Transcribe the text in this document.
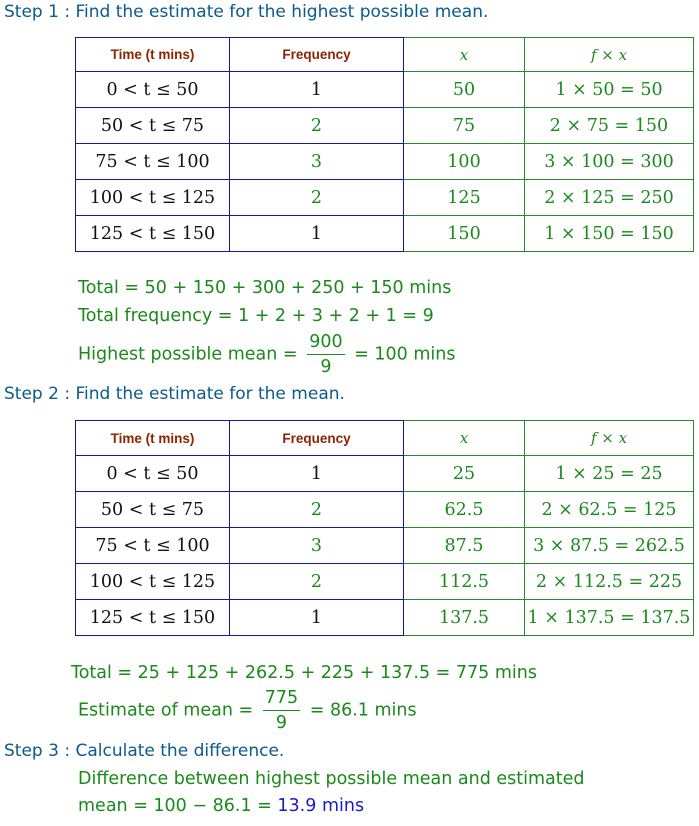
Step 1 : Find the estimate for the highest possible mean.
Time (t mins)	Frequency	x	f × x
0 < t ≤ 50	1	50	1 × 50 = 50
50 < t ≤ 75	2	75	2 × 75 = 150
75 < t ≤ 100	3	100	3 × 100 = 300
100 < t ≤ 125	2	125	2 × 125 = 250
125 < t ≤ 150	1	150	1 × 150 = 150
Total = 50 + 150 + 300 + 250 + 150 mins
Total frequency = 1 + 2 + 3 + 2 + 1 = 9
Highest possible mean = $\frac{900}{9} = 100$ mins
Step 2 : Find the estimate for the mean.
Time (t mins)	Frequency	x	f × x
0 < t ≤ 50	1	25	1 × 25 = 25
50 < t ≤ 75	2	62.5	2 × 62.5 = 125
75 < t ≤ 100	3	87.5	3 × 87.5 = 262.5
100 < t ≤ 125	2	112.5	2 × 112.5 = 225
125 < t ≤ 150	1	137.5	1 × 137.5 = 137.5
Total = 25 + 125 + 262.5 + 225 + 137.5 = 775 mins
Estimate of mean = $\frac{775}{9} = 86.1$ mins
Step 3 : Calculate the difference.
Difference between highest possible mean and estimated
mean = 100 − 86.1 = 13.9 mins
